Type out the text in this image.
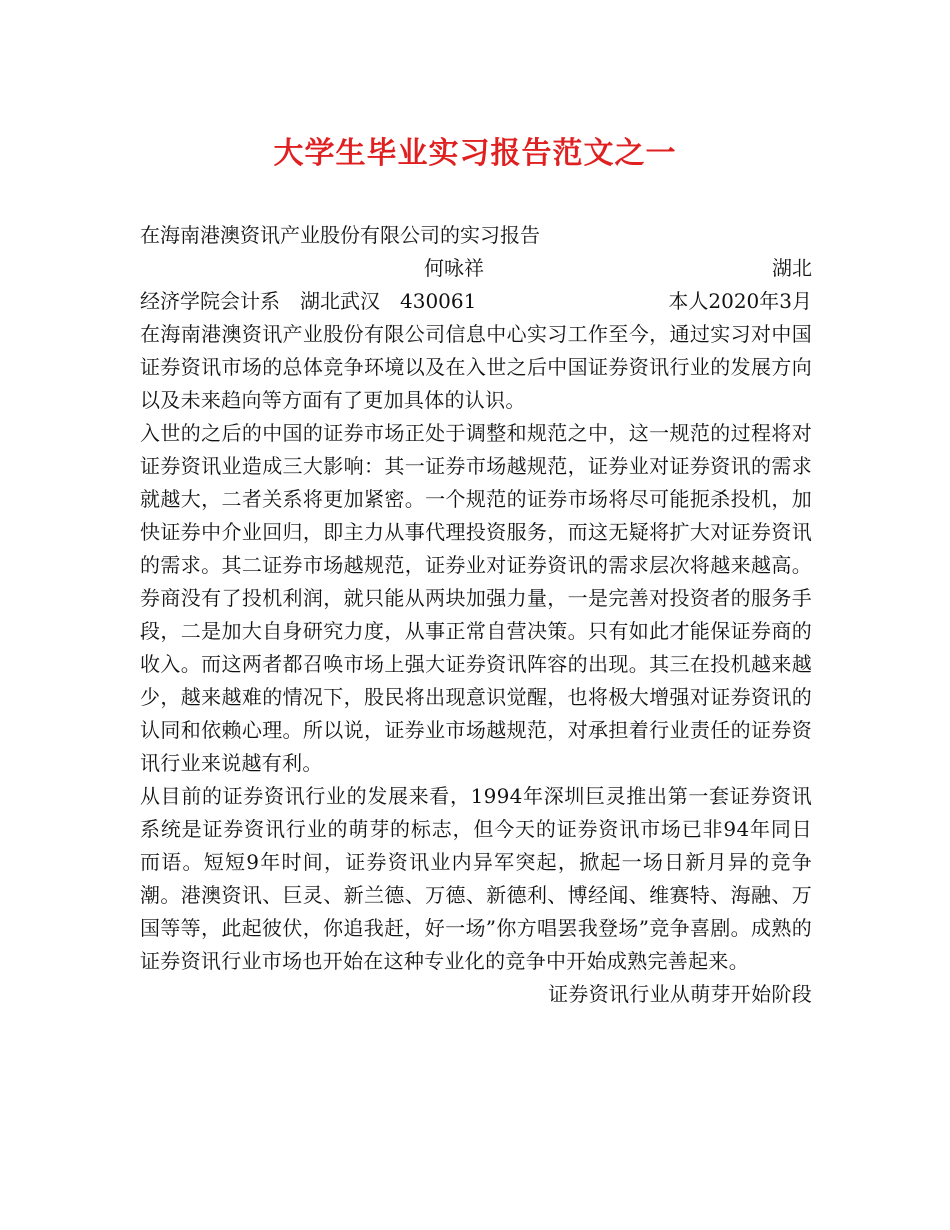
大学生毕业实习报告范文之一
在海南港澳资讯产业股份有限公司的实习报告
何咏祥	湖北
经济学院会计系　湖北武汉　430061	本人2020年3月
在海南港澳资讯产业股份有限公司信息中心实习工作至今，通过实习对中国证券资讯市场的总体竞争环境以及在入世之后中国证券资讯行业的发展方向以及未来趋向等方面有了更加具体的认识。
入世的之后的中国的证券市场正处于调整和规范之中，这一规范的过程将对证券资讯业造成三大影响：其一证券市场越规范，证券业对证券资讯的需求就越大，二者关系将更加紧密。一个规范的证券市场将尽可能扼杀投机，加快证券中介业回归，即主力从事代理投资服务，而这无疑将扩大对证券资讯的需求。其二证券市场越规范，证券业对证券资讯的需求层次将越来越高。券商没有了投机利润，就只能从两块加强力量，一是完善对投资者的服务手段，二是加大自身研究力度，从事正常自营决策。只有如此才能保证券商的收入。而这两者都召唤市场上强大证券资讯阵容的出现。其三在投机越来越少，越来越难的情况下，股民将出现意识觉醒，也将极大增强对证券资讯的认同和依赖心理。所以说，证券业市场越规范，对承担着行业责任的证券资讯行业来说越有利。
从目前的证券资讯行业的发展来看，1994年深圳巨灵推出第一套证券资讯系统是证券资讯行业的萌芽的标志，但今天的证券资讯市场已非94年同日而语。短短9年时间，证券资讯业内异军突起，掀起一场日新月异的竞争潮。港澳资讯、巨灵、新兰德、万德、新德利、博经闻、维赛特、海融、万国等等，此起彼伏，你追我赶，好一场”你方唱罢我登场”竞争喜剧。成熟的证券资讯行业市场也开始在这种专业化的竞争中开始成熟完善起来。
证券资讯行业从萌芽开始阶段
